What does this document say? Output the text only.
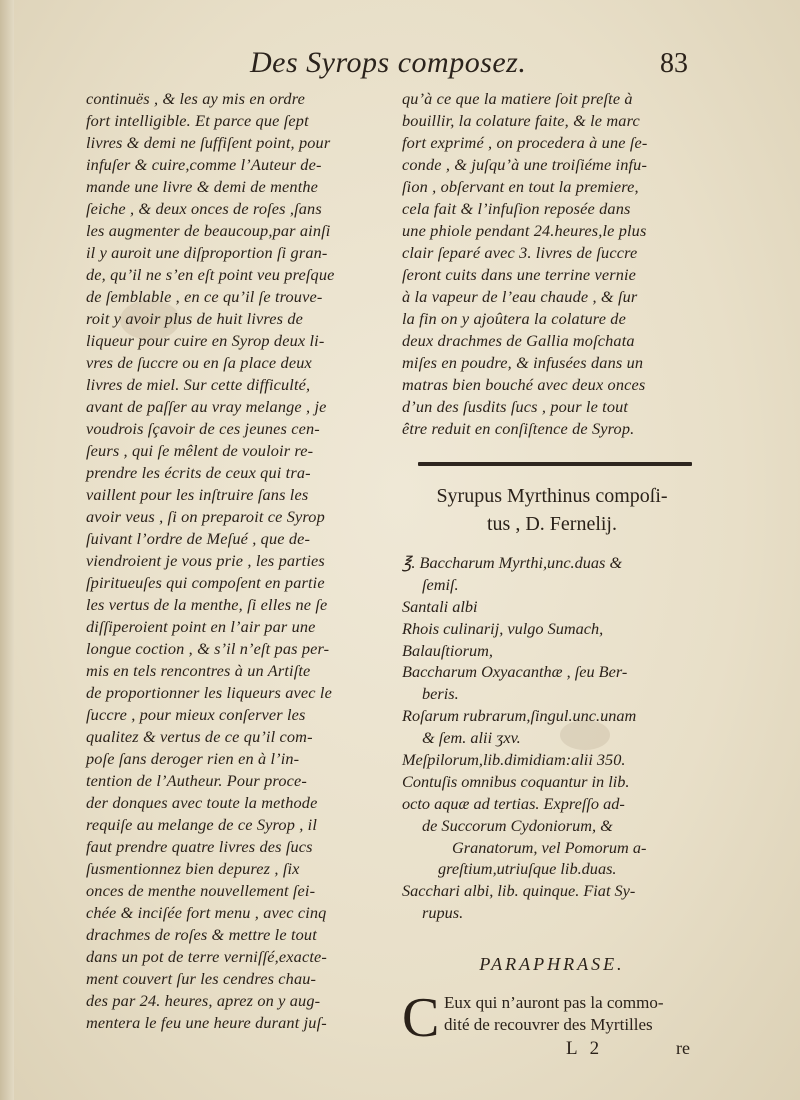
Des Syrops composez.	83
continuës , & les ay mis en ordre
fort intelligible. Et parce que ſept
livres & demi ne ſuffiſent point, pour
infuſer & cuire,comme l’Auteur de-
mande une livre & demi de menthe
ſeiche , & deux onces de roſes ,ſans
les augmenter de beaucoup,par ainſi
il y auroit une diſproportion ſi gran-
de, qu’il ne s’en eſt point veu preſque
de ſemblable , en ce qu’il ſe trouve-
roit y avoir plus de huit livres de
liqueur pour cuire en Syrop deux li-
vres de ſuccre ou en ſa place deux
livres de miel. Sur cette difficulté,
avant de paſſer au vray melange , je
voudrois ſçavoir de ces jeunes cen-
ſeurs , qui ſe mêlent de vouloir re-
prendre les écrits de ceux qui tra-
vaillent pour les inſtruire ſans les
avoir veus , ſi on preparoit ce Syrop
ſuivant l’ordre de Meſué , que de-
viendroient je vous prie , les parties
ſpiritueuſes qui compoſent en partie
les vertus de la menthe, ſi elles ne ſe
diſſiperoient point en l’air par une
longue coction , & s’il n’eſt pas per-
mis en tels rencontres à un Artiſte
de proportionner les liqueurs avec le
ſuccre , pour mieux conſerver les
qualitez & vertus de ce qu’il com-
poſe ſans deroger rien en à l’in-
tention de l’Autheur. Pour proce-
der donques avec toute la methode
requiſe au melange de ce Syrop , il
faut prendre quatre livres des ſucs
ſusmentionnez bien depurez , ſix
onces de menthe nouvellement ſei-
chée & inciſée fort menu , avec cinq
drachmes de roſes & mettre le tout
dans un pot de terre verniſſé,exacte-
ment couvert ſur les cendres chau-
des par 24. heures, aprez on y aug-
mentera le feu une heure durant juſ-
qu’à ce que la matiere ſoit preſte à
bouillir, la colature faite, & le marc
fort exprimé , on procedera à une ſe-
conde , & juſqu’à une troiſiéme infu-
ſion , obſervant en tout la premiere,
cela fait & l’infuſion reposée dans
une phiole pendant 24.heures,le plus
clair ſeparé avec 3. livres de ſuccre
ſeront cuits dans une terrine vernie
à la vapeur de l’eau chaude , & ſur
la fin on y ajoûtera la colature de
deux drachmes de Gallia moſchata
miſes en poudre, & infusées dans un
matras bien bouché avec deux onces
d’un des ſusdits ſucs , pour le tout
être reduit en conſiſtence de Syrop.
Syrupus Myrthinus compoſi-
tus , D. Fernelij.
℥. Baccharum Myrthi,unc.duas &
ſemiſ.
Santali albi
Rhois culinarij, vulgo Sumach,
Balauſtiorum,
Baccharum Oxyacanthæ , ſeu Ber-
beris.
Roſarum rubrarum,ſingul.unc.unam
& ſem. alii ʒxv.
Meſpilorum,lib.dimidiam:alii 350.
Contuſis omnibus coquantur in lib.
octo aquæ ad tertias. Expreſſo ad-
de Succorum Cydoniorum, &
Granatorum, vel Pomorum a-
greſtium,utriuſque lib.duas.
Sacchari albi, lib. quinque. Fiat Sy-
rupus.
PARAPHRASE.
C Eux qui n’auront pas la commo-
dité de recouvrer des Myrtilles
L 2	re
